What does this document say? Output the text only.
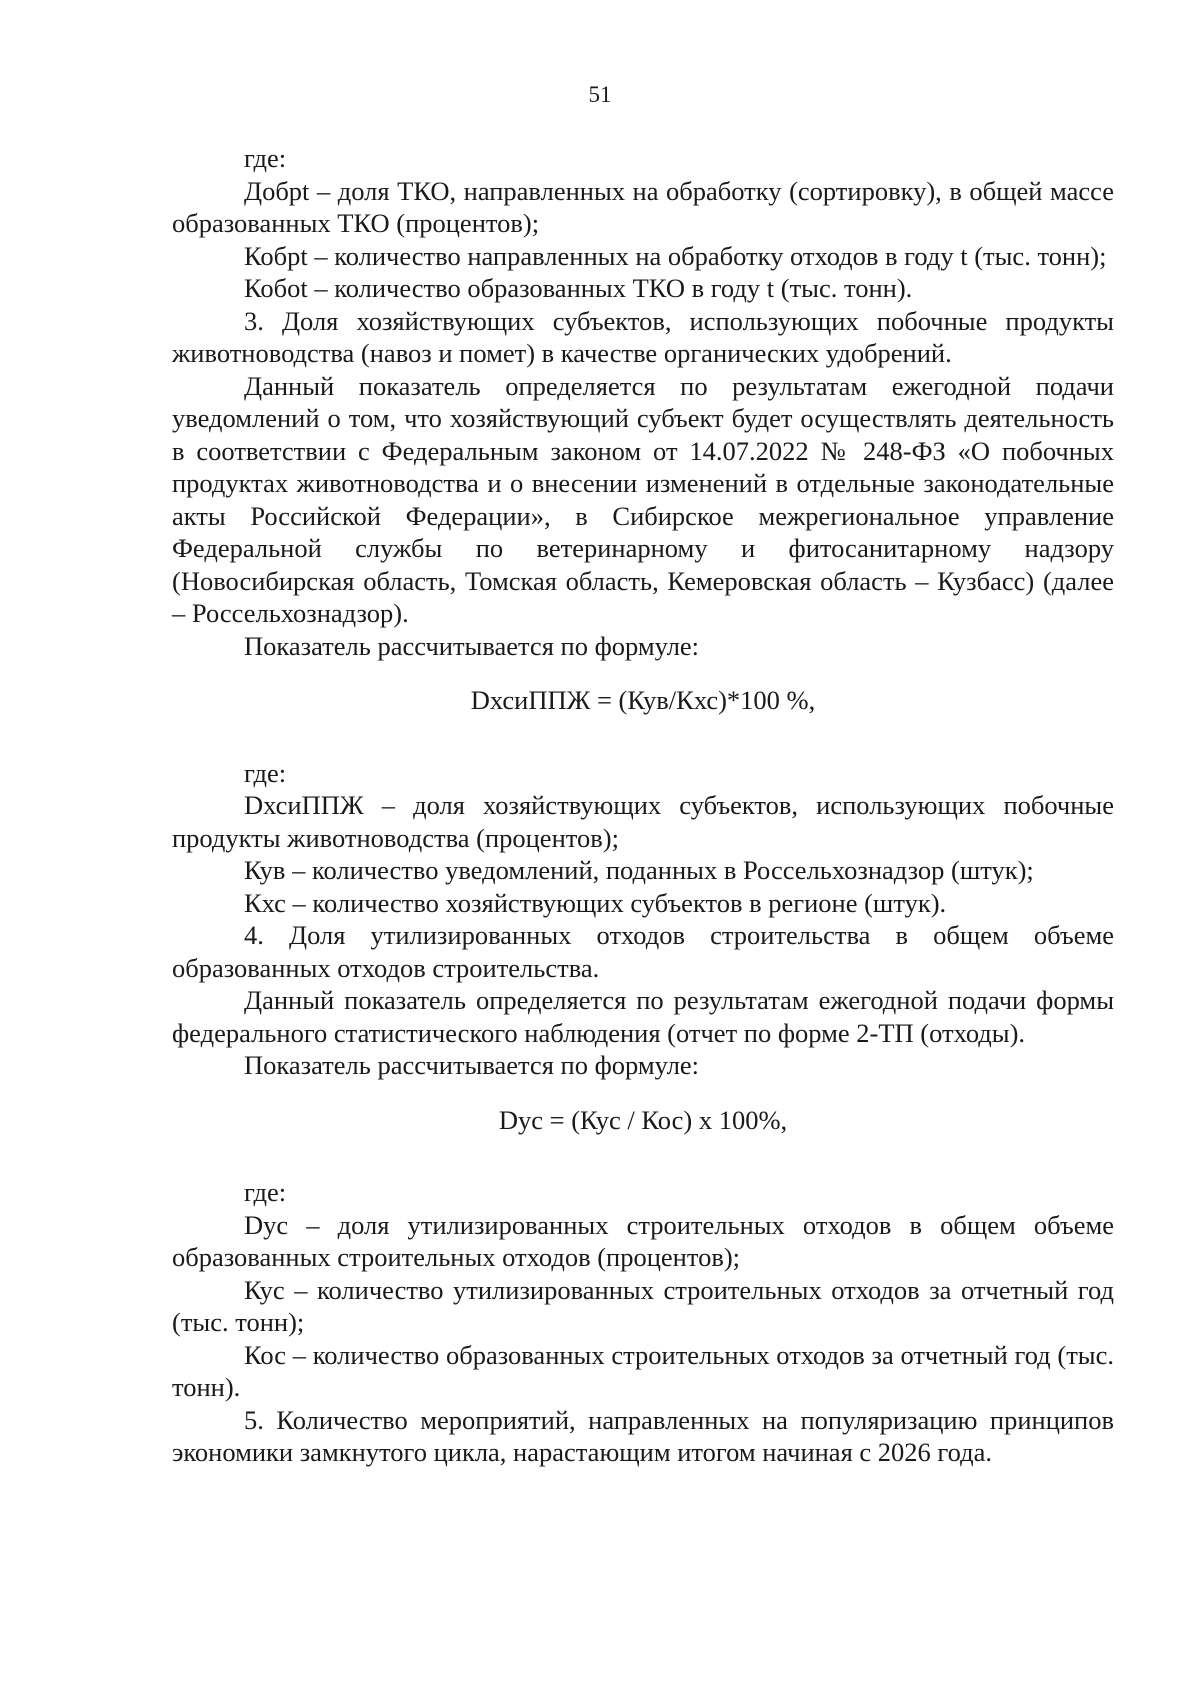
51

где:

Добрt – доля ТКО, направленных на обработку (сортировку), в общей массе образованных ТКО (процентов);

Кобрt – количество направленных на обработку отходов в году t (тыс. тонн);

Кобot – количество образованных ТКО в году t (тыс. тонн).

3. Доля хозяйствующих субъектов, использующих побочные продукты животноводства (навоз и помет) в качестве органических удобрений.

Данный показатель определяется по результатам ежегодной подачи уведомлений о том, что хозяйствующий субъект будет осуществлять деятельность в соответствии с Федеральным законом от 14.07.2022 № 248-ФЗ «О побочных продуктах животноводства и о внесении изменений в отдельные законодательные акты Российской Федерации», в Сибирское межрегиональное управление Федеральной службы по ветеринарному и фитосанитарному надзору (Новосибирская область, Томская область, Кемеровская область – Кузбасс) (далее – Россельхознадзор).

Показатель рассчитывается по формуле:

DхсиППЖ = (Кув/Кхс)*100 %,

где:

DхсиППЖ – доля хозяйствующих субъектов, использующих побочные продукты животноводства (процентов);

Кув – количество уведомлений, поданных в Россельхознадзор (штук);

Кхс – количество хозяйствующих субъектов в регионе (штук).

4. Доля утилизированных отходов строительства в общем объеме образованных отходов строительства.

Данный показатель определяется по результатам ежегодной подачи формы федерального статистического наблюдения (отчет по форме 2-ТП (отходы).

Показатель рассчитывается по формуле:

Dус = (Кус / Кос) х 100%,

где:

Dус – доля утилизированных строительных отходов в общем объеме образованных строительных отходов (процентов);

Кус – количество утилизированных строительных отходов за отчетный год (тыс. тонн);

Кос – количество образованных строительных отходов за отчетный год (тыс. тонн).

5. Количество мероприятий, направленных на популяризацию принципов экономики замкнутого цикла, нарастающим итогом начиная с 2026 года.
